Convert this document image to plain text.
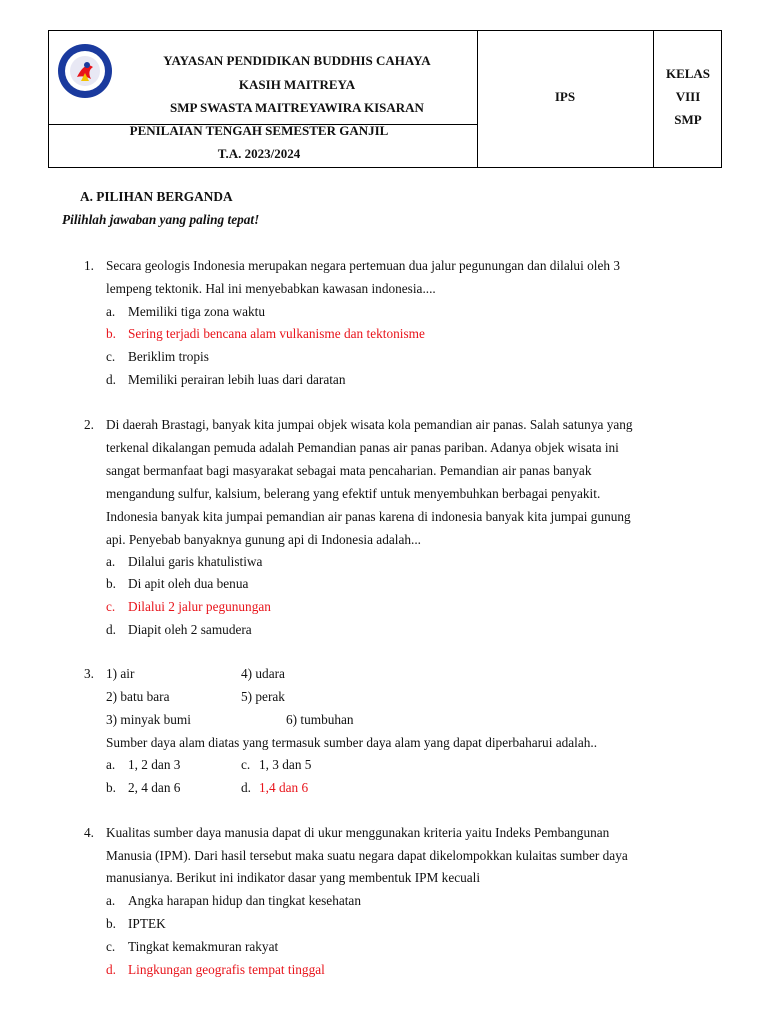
YAYASAN PENDIDIKAN BUDDHIS CAHAYA
KASIH MAITREYA
SMP SWASTA MAITREYAWIRA KISARAN
PENILAIAN TENGAH SEMESTER GANJIL
T.A. 2023/2024
IPS
KELAS
VIII
SMP
A. PILIHAN BERGANDA
Pilihlah jawaban yang paling tepat!
1. Secara geologis Indonesia merupakan negara pertemuan dua jalur pegunungan dan dilalui oleh 3
lempeng tektonik. Hal ini menyebabkan kawasan indonesia....
a. Memiliki tiga zona waktu
b. Sering terjadi bencana alam vulkanisme dan tektonisme
c. Beriklim tropis
d. Memiliki perairan lebih luas dari daratan
2. Di daerah Brastagi, banyak kita jumpai objek wisata kola pemandian air panas. Salah satunya yang
terkenal dikalangan pemuda adalah Pemandian panas air panas pariban. Adanya objek wisata ini
sangat bermanfaat bagi masyarakat sebagai mata pencaharian. Pemandian air panas banyak
mengandung sulfur, kalsium, belerang yang efektif untuk menyembuhkan berbagai penyakit.
Indonesia banyak kita jumpai pemandian air panas karena di indonesia banyak kita jumpai gunung
api. Penyebab banyaknya gunung api di Indonesia adalah...
a. Dilalui garis khatulistiwa
b. Di apit oleh dua benua
c. Dilalui 2 jalur pegunungan
d. Diapit oleh 2 samudera
3. 1) air	4) udara
2) batu bara	5) perak
3) minyak bumi	6) tumbuhan
Sumber daya alam diatas yang termasuk sumber daya alam yang dapat diperbaharui adalah..
a. 1, 2 dan 3	c. 1, 3 dan 5
b. 2, 4 dan 6	d. 1,4 dan 6
4. Kualitas sumber daya manusia dapat di ukur menggunakan kriteria yaitu Indeks Pembangunan
Manusia (IPM). Dari hasil tersebut maka suatu negara dapat dikelompokkan kulaitas sumber daya
manusianya. Berikut ini indikator dasar yang membentuk IPM kecuali
a. Angka harapan hidup dan tingkat kesehatan
b. IPTEK
c. Tingkat kemakmuran rakyat
d. Lingkungan geografis tempat tinggal
